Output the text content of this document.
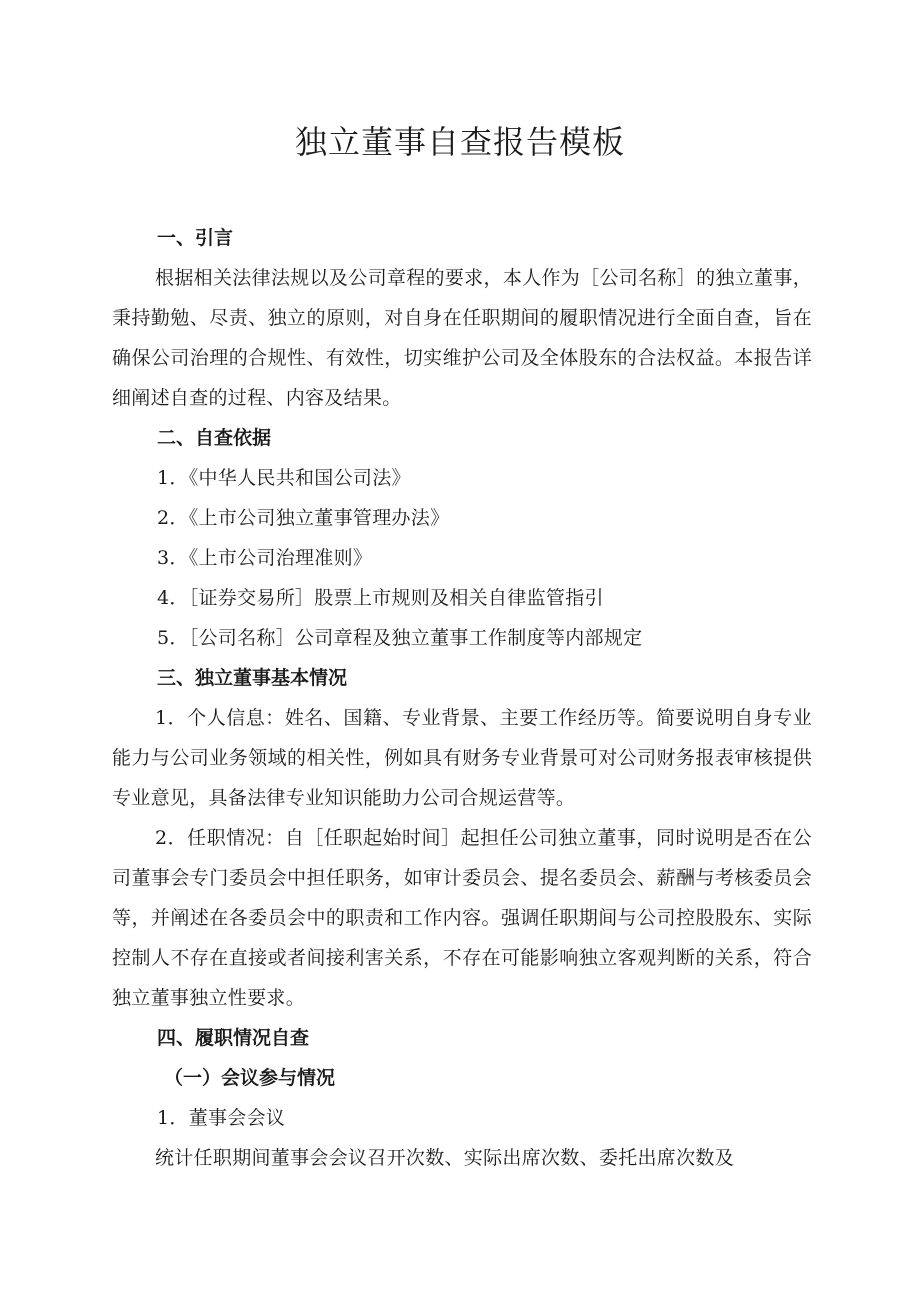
独立董事自查报告模板
一、引言
根据相关法律法规以及公司章程的要求，本人作为［公司名称］的独立董事，秉持勤勉、尽责、独立的原则，对自身在任职期间的履职情况进行全面自查，旨在确保公司治理的合规性、有效性，切实维护公司及全体股东的合法权益。本报告详细阐述自查的过程、内容及结果。
二、自查依据
1．《中华人民共和国公司法》
2．《上市公司独立董事管理办法》
3．《上市公司治理准则》
4．［证券交易所］股票上市规则及相关自律监管指引
5．［公司名称］公司章程及独立董事工作制度等内部规定
三、独立董事基本情况
1．个人信息：姓名、国籍、专业背景、主要工作经历等。简要说明自身专业能力与公司业务领域的相关性，例如具有财务专业背景可对公司财务报表审核提供专业意见，具备法律专业知识能助力公司合规运营等。
2．任职情况：自［任职起始时间］起担任公司独立董事，同时说明是否在公司董事会专门委员会中担任职务，如审计委员会、提名委员会、薪酬与考核委员会等，并阐述在各委员会中的职责和工作内容。强调任职期间与公司控股股东、实际控制人不存在直接或者间接利害关系，不存在可能影响独立客观判断的关系，符合独立董事独立性要求。
四、履职情况自查
（一）会议参与情况
1．董事会会议
统计任职期间董事会会议召开次数、实际出席次数、委托出席次数及
